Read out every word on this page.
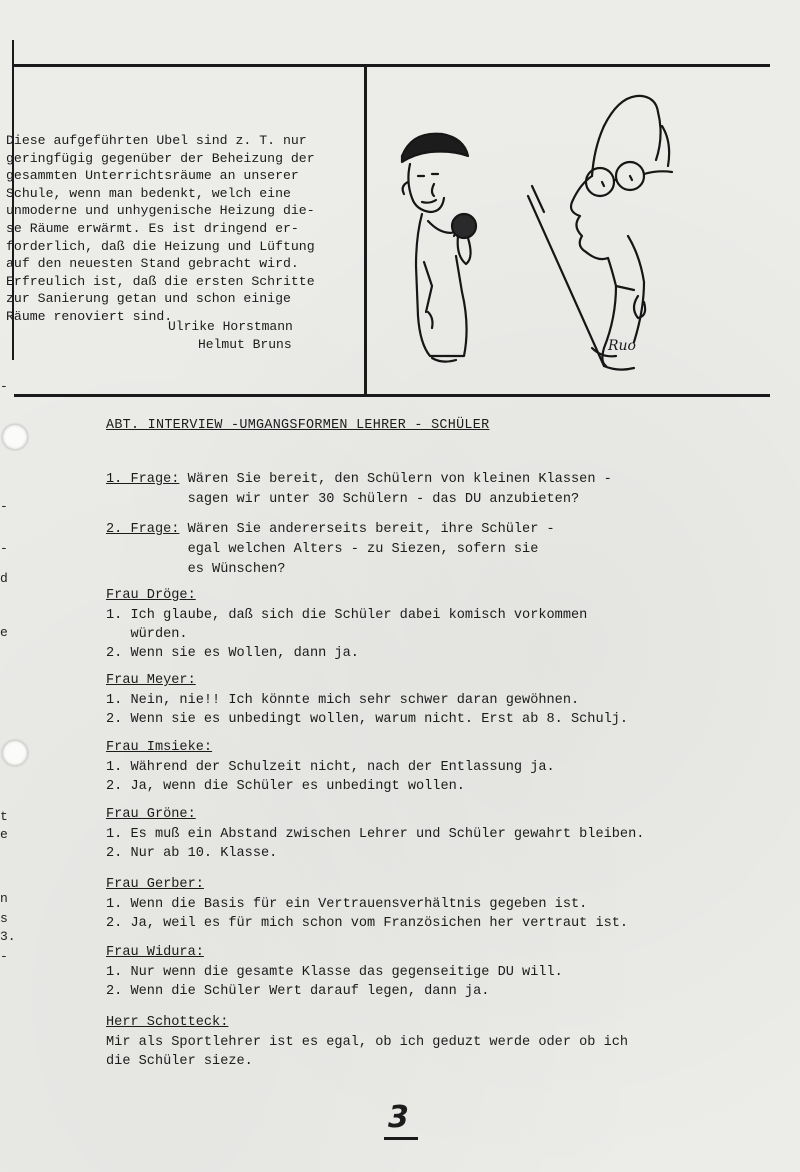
-
-
-
d
e
t
e
n
s
3.
-
Diese aufgeführten Ubel sind z. T. nur
geringfügig gegenüber der Beheizung der
gesammten Unterrichtsräume an unserer
Schule, wenn man bedenkt, welch eine
unmoderne und unhygenische Heizung die-
se Räume erwärmt. Es ist dringend er-
forderlich, daß die Heizung und Lüftung
auf den neuesten Stand gebracht wird.
Erfreulich ist, daß die ersten Schritte
zur Sanierung getan und schon einige
Räume renoviert sind.
Ulrike Horstmann
Helmut Bruns	Ruo
ABT. INTERVIEW -UMGANGSFORMEN LEHRER - SCHÜLER
1. Frage: Wären Sie bereit, den Schülern von kleinen Klassen -
sagen wir unter 30 Schülern - das DU anzubieten?
2. Frage: Wären Sie andererseits bereit, ihre Schüler -
egal welchen Alters - zu Siezen, sofern sie
es Wünschen?
Frau Dröge:
1. Ich glaube, daß sich die Schüler dabei komisch vorkommen
würden.
2. Wenn sie es Wollen, dann ja.
Frau Meyer:
1. Nein, nie!! Ich könnte mich sehr schwer daran gewöhnen.
2. Wenn sie es unbedingt wollen, warum nicht. Erst ab 8. Schulj.
Frau Imsieke:
1. Während der Schulzeit nicht, nach der Entlassung ja.
2. Ja, wenn die Schüler es unbedingt wollen.
Frau Gröne:
1. Es muß ein Abstand zwischen Lehrer und Schüler gewahrt bleiben.
2. Nur ab 10. Klasse.
Frau Gerber:
1. Wenn die Basis für ein Vertrauensverhältnis gegeben ist.
2. Ja, weil es für mich schon vom Französichen her vertraut ist.
Frau Widura:
1. Nur wenn die gesamte Klasse das gegenseitige DU will.
2. Wenn die Schüler Wert darauf legen, dann ja.
Herr Schotteck:
Mir als Sportlehrer ist es egal, ob ich geduzt werde oder ob ich
die Schüler sieze.
3
